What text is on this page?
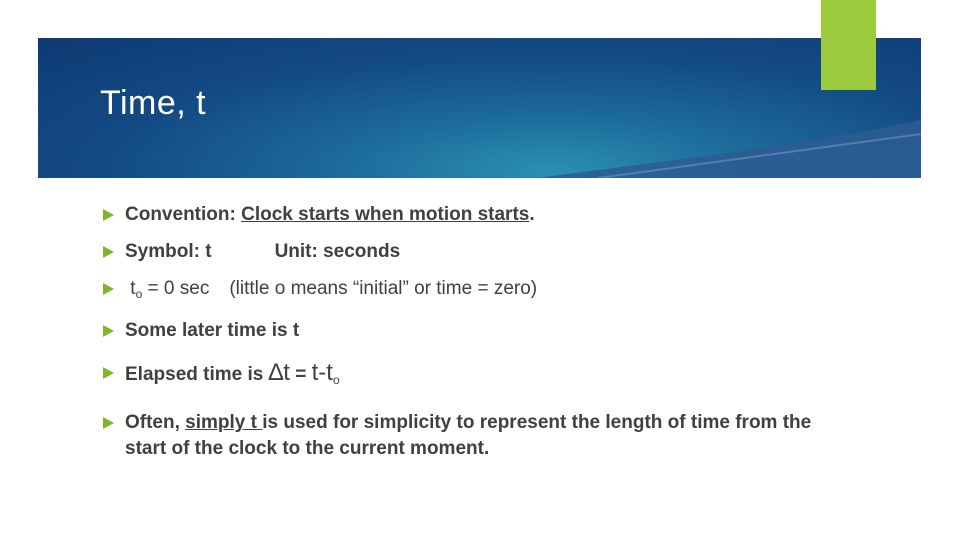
Time, t
Convention: Clock starts when motion starts.
Symbol: t	Unit: seconds
$t_o = 0$ sec (little o means “initial” or time = zero)
Some later time is t
Elapsed time is $\Delta t = t-t_o$
Often, simply t is used for simplicity to represent the length of time from the start of the clock to the current moment.
